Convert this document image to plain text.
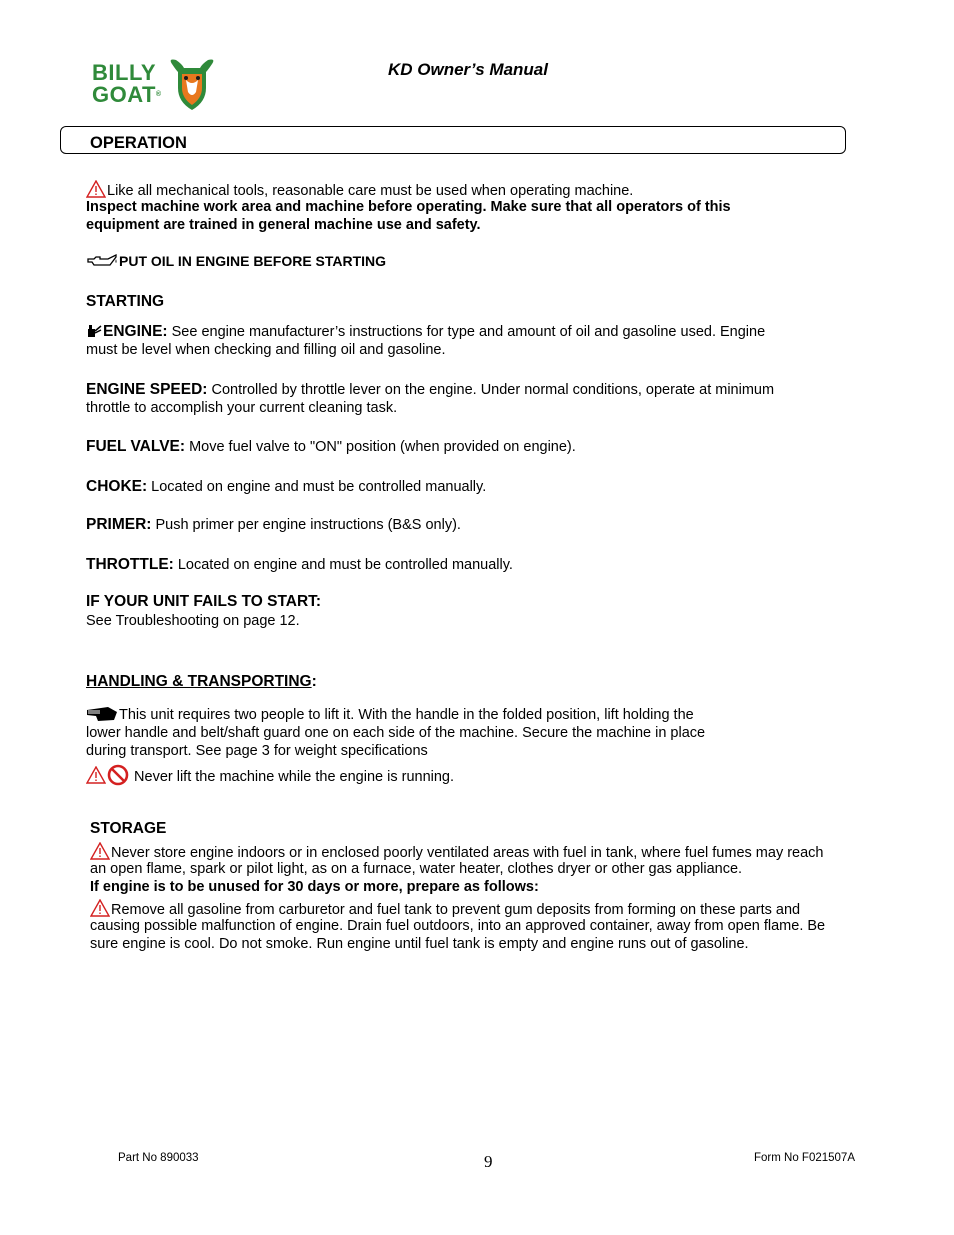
BILLY
GOAT®
KD Owner’s Manual
OPERATION
Like all mechanical tools, reasonable care must be used when operating machine.
Inspect machine work area and machine before operating. Make sure that all operators of this
equipment are trained in general machine use and safety.
PUT OIL IN ENGINE BEFORE STARTING
STARTING
ENGINE: See engine manufacturer’s instructions for type and amount of oil and gasoline used. Engine
must be level when checking and filling oil and gasoline.
ENGINE SPEED: Controlled by throttle lever on the engine. Under normal conditions, operate at minimum
throttle to accomplish your current cleaning task.
FUEL VALVE: Move fuel valve to "ON" position (when provided on engine).
CHOKE: Located on engine and must be controlled manually.
PRIMER: Push primer per engine instructions (B&S only).
THROTTLE: Located on engine and must be controlled manually.
IF YOUR UNIT FAILS TO START:
See Troubleshooting on page 12.
HANDLING & TRANSPORTING:
This unit requires two people to lift it. With the handle in the folded position, lift holding the
lower handle and belt/shaft guard one on each side of the machine. Secure the machine in place
during transport. See page 3 for weight specifications
Never lift the machine while the engine is running.
STORAGE
Never store engine indoors or in enclosed poorly ventilated areas with fuel in tank, where fuel fumes may reach
an open flame, spark or pilot light, as on a furnace, water heater, clothes dryer or other gas appliance.
If engine is to be unused for 30 days or more, prepare as follows:
Remove all gasoline from carburetor and fuel tank to prevent gum deposits from forming on these parts and
causing possible malfunction of engine. Drain fuel outdoors, into an approved container, away from open flame. Be
sure engine is cool. Do not smoke. Run engine until fuel tank is empty and engine runs out of gasoline.
Part No 890033	9	Form No F021507A
